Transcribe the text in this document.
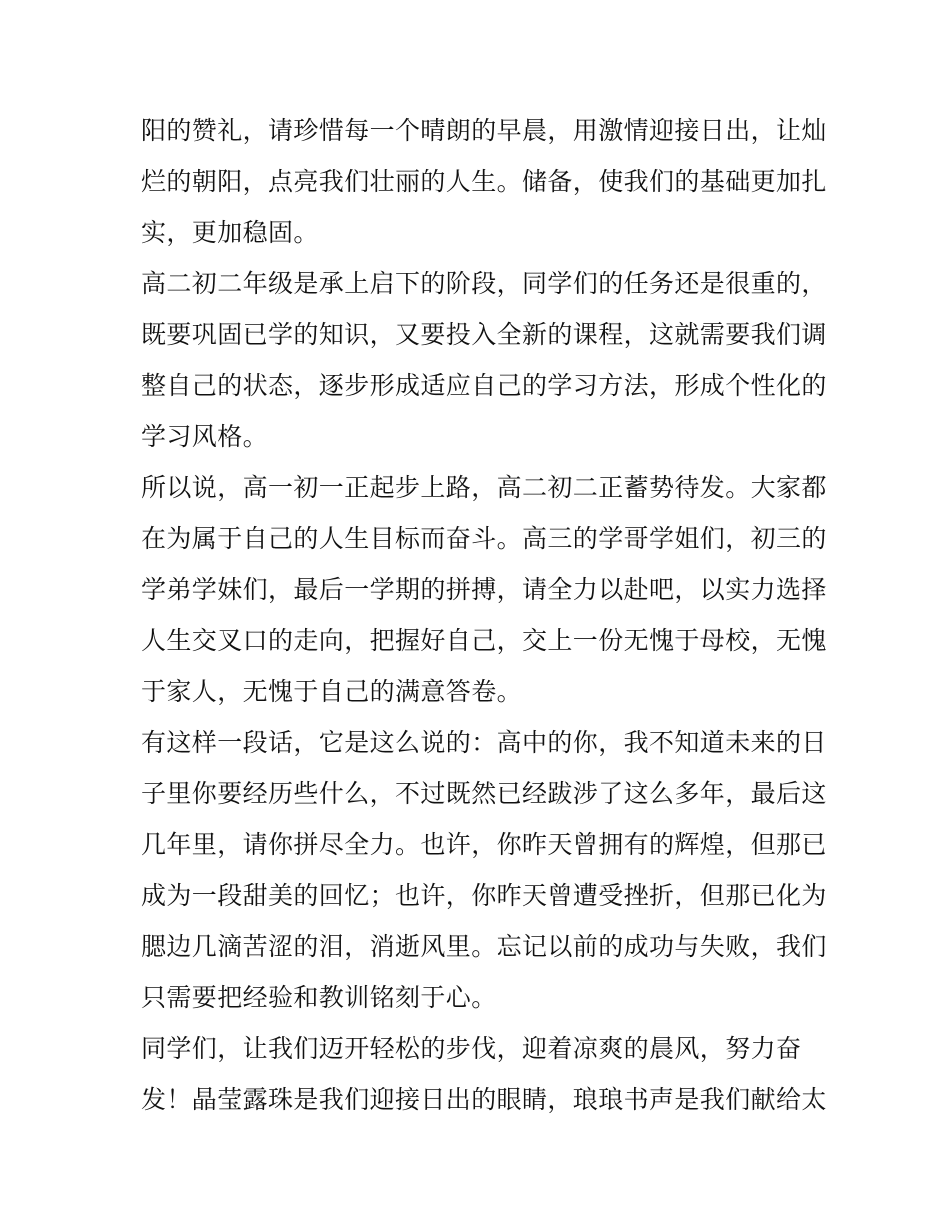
阳的赞礼，请珍惜每一个晴朗的早晨，用激情迎接日出，让灿
烂的朝阳，点亮我们壮丽的人生。储备，使我们的基础更加扎
实，更加稳固。

高二初二年级是承上启下的阶段，同学们的任务还是很重的，
既要巩固已学的知识，又要投入全新的课程，这就需要我们调
整自己的状态，逐步形成适应自己的学习方法，形成个性化的
学习风格。

所以说，高一初一正起步上路，高二初二正蓄势待发。大家都
在为属于自己的人生目标而奋斗。高三的学哥学姐们，初三的
学弟学妹们，最后一学期的拼搏，请全力以赴吧，以实力选择
人生交叉口的走向，把握好自己，交上一份无愧于母校，无愧
于家人，无愧于自己的满意答卷。

有这样一段话，它是这么说的：高中的你，我不知道未来的日
子里你要经历些什么，不过既然已经跋涉了这么多年，最后这
几年里，请你拼尽全力。也许，你昨天曾拥有的辉煌，但那已
成为一段甜美的回忆；也许，你昨天曾遭受挫折，但那已化为
腮边几滴苦涩的泪，消逝风里。忘记以前的成功与失败，我们
只需要把经验和教训铭刻于心。

同学们，让我们迈开轻松的步伐，迎着凉爽的晨风，努力奋
发！晶莹露珠是我们迎接日出的眼睛，琅琅书声是我们献给太
